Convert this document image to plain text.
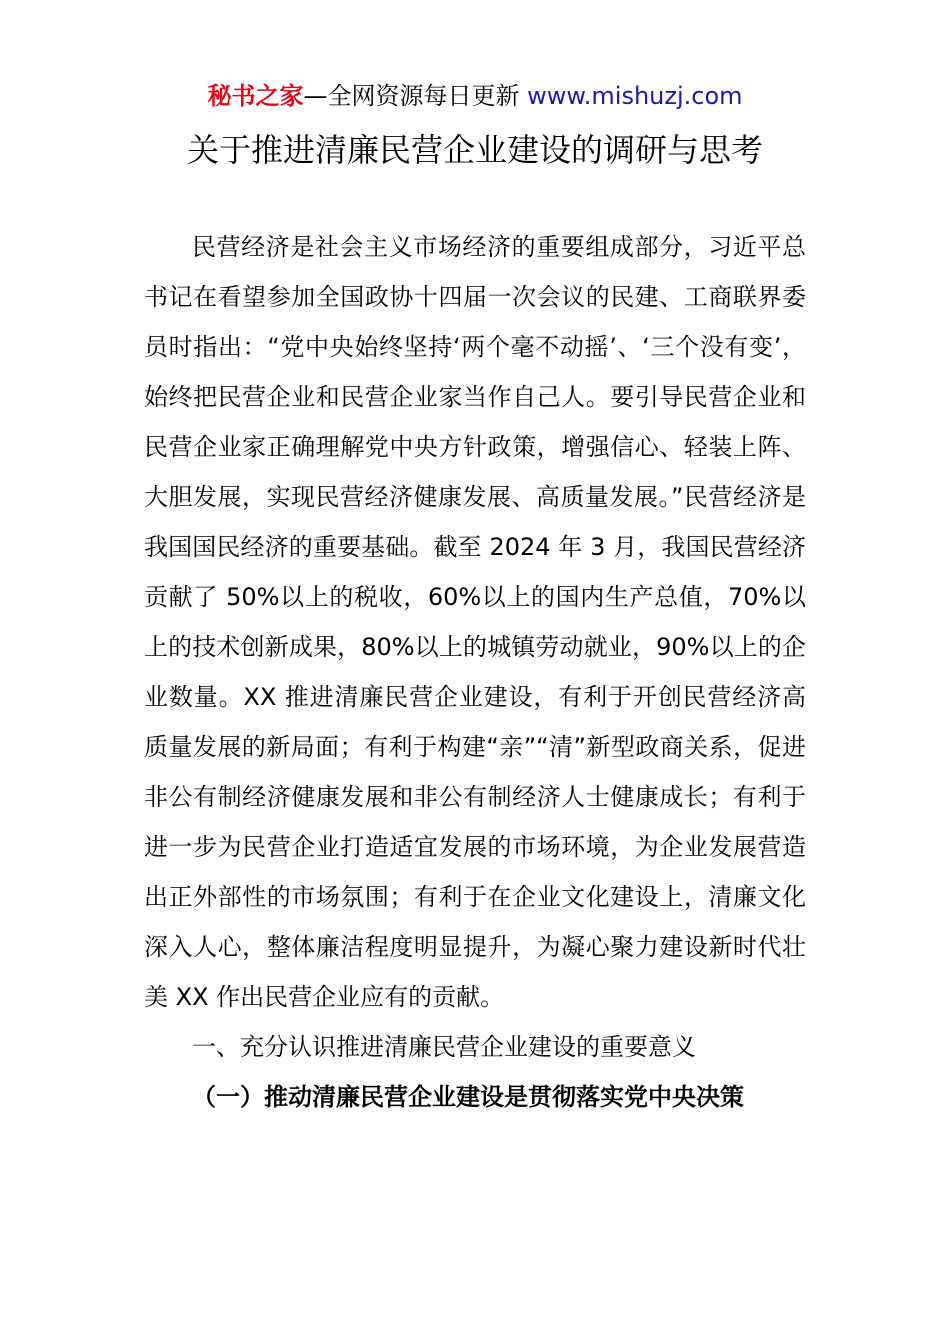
秘书之家—全网资源每日更新 www.mishuzj.com
关于推进清廉民营企业建设的调研与思考

民营经济是社会主义市场经济的重要组成部分，习近平总书记在看望参加全国政协十四届一次会议的民建、工商联界委员时指出：“党中央始终坚持‘两个毫不动摇’、‘三个没有变’，始终把民营企业和民营企业家当作自己人。要引导民营企业和民营企业家正确理解党中央方针政策，增强信心、轻装上阵、大胆发展，实现民营经济健康发展、高质量发展。”民营经济是我国国民经济的重要基础。截至 2024 年 3 月，我国民营经济贡献了 50%以上的税收，60%以上的国内生产总值，70%以上的技术创新成果，80%以上的城镇劳动就业，90%以上的企业数量。XX 推进清廉民营企业建设，有利于开创民营经济高质量发展的新局面；有利于构建“亲”“清”新型政商关系，促进非公有制经济健康发展和非公有制经济人士健康成长；有利于进一步为民营企业打造适宜发展的市场环境，为企业发展营造出正外部性的市场氛围；有利于在企业文化建设上，清廉文化深入人心，整体廉洁程度明显提升，为凝心聚力建设新时代壮美 XX 作出民营企业应有的贡献。

一、充分认识推进清廉民营企业建设的重要意义

（一）推动清廉民营企业建设是贯彻落实党中央决策
